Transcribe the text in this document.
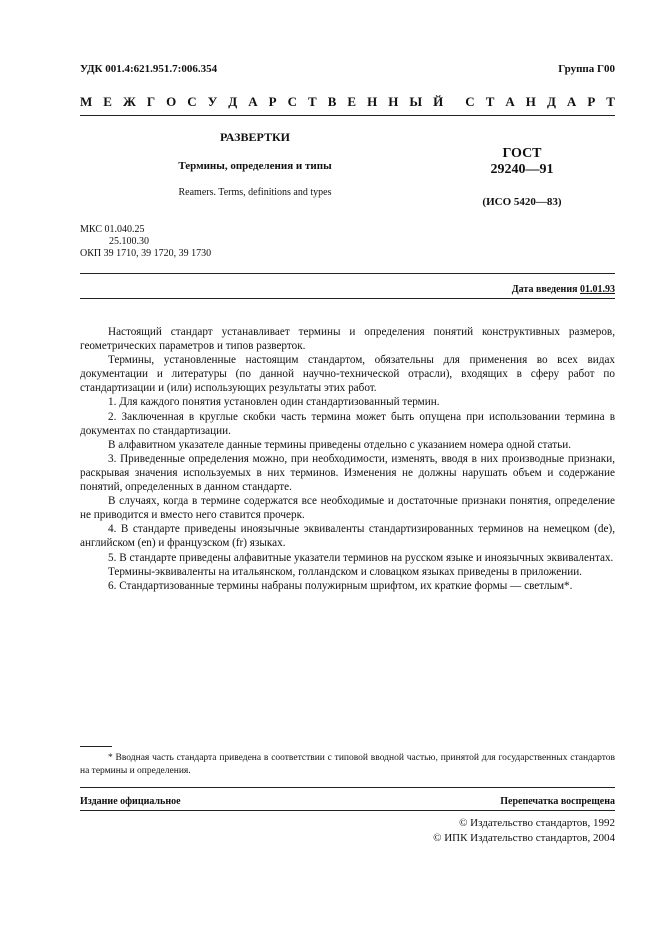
УДК 001.4:621.951.7:006.354	Группа Г00
М Е Ж Г О С У Д А Р С Т В Е Н Н Ы Й С Т А Н Д А Р Т
РАЗВЕРТКИ
Термины, определения и типы
Reamers. Terms, definitions and types
ГОСТ
29240—91
(ИСО 5420—83)
МКС 01.040.25
25.100.30
ОКП 39 1710, 39 1720, 39 1730
Дата введения 01.01.93

Настоящий стандарт устанавливает термины и определения понятий конструктивных размеров, геометрических параметров и типов разверток.

Термины, установленные настоящим стандартом, обязательны для применения во всех видах документации и литературы (по данной научно-технической отрасли), входящих в сферу работ по стандартизации и (или) использующих результаты этих работ.

1. Для каждого понятия установлен один стандартизованный термин.

2. Заключенная в круглые скобки часть термина может быть опущена при использовании термина в документах по стандартизации.

В алфавитном указателе данные термины приведены отдельно с указанием номера одной статьи.

3. Приведенные определения можно, при необходимости, изменять, вводя в них производные признаки, раскрывая значения используемых в них терминов. Изменения не должны нарушать объем и содержание понятий, определенных в данном стандарте.

В случаях, когда в термине содержатся все необходимые и достаточные признаки понятия, определение не приводится и вместо него ставится прочерк.

4. В стандарте приведены иноязычные эквиваленты стандартизированных терминов на немецком (de), английском (en) и французском (fr) языках.

5. В стандарте приведены алфавитные указатели терминов на русском языке и иноязычных эквивалентах.

Термины-эквиваленты на итальянском, голландском и словацком языках приведены в приложении.

6. Стандартизованные термины набраны полужирным шрифтом, их краткие формы — светлым*.

* Вводная часть стандарта приведена в соответствии с типовой вводной частью, принятой для государственных стандартов на термины и определения.

Издание официальное	Перепечатка воспрещена
© Издательство стандартов, 1992
© ИПК Издательство стандартов, 2004
